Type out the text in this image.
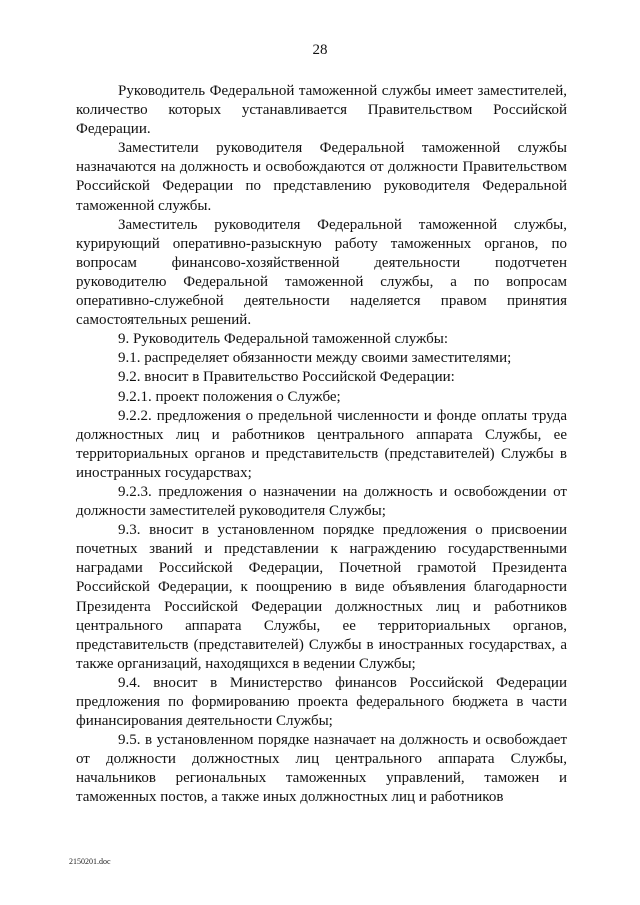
28

Руководитель Федеральной таможенной службы имеет заместителей, количество которых устанавливается Правительством Российской Федерации.

Заместители руководителя Федеральной таможенной службы назначаются на должность и освобождаются от должности Правительством Российской Федерации по представлению руководителя Федеральной таможенной службы.

Заместитель руководителя Федеральной таможенной службы, курирующий оперативно-разыскную работу таможенных органов, по вопросам финансово-хозяйственной деятельности подотчетен руководителю Федеральной таможенной службы, а по вопросам оперативно-служебной деятельности наделяется правом принятия самостоятельных решений.

9. Руководитель Федеральной таможенной службы:

9.1. распределяет обязанности между своими заместителями;

9.2. вносит в Правительство Российской Федерации:

9.2.1. проект положения о Службе;

9.2.2. предложения о предельной численности и фонде оплаты труда должностных лиц и работников центрального аппарата Службы, ее территориальных органов и представительств (представителей) Службы в иностранных государствах;

9.2.3. предложения о назначении на должность и освобождении от должности заместителей руководителя Службы;

9.3. вносит в установленном порядке предложения о присвоении почетных званий и представлении к награждению государственными наградами Российской Федерации, Почетной грамотой Президента Российской Федерации, к поощрению в виде объявления благодарности Президента Российской Федерации должностных лиц и работников центрального аппарата Службы, ее территориальных органов, представительств (представителей) Службы в иностранных государствах, а также организаций, находящихся в ведении Службы;

9.4. вносит в Министерство финансов Российской Федерации предложения по формированию проекта федерального бюджета в части финансирования деятельности Службы;

9.5. в установленном порядке назначает на должность и освобождает от должности должностных лиц центрального аппарата Службы, начальников региональных таможенных управлений, таможен и таможенных постов, а также иных должностных лиц и работников

2150201.doc
